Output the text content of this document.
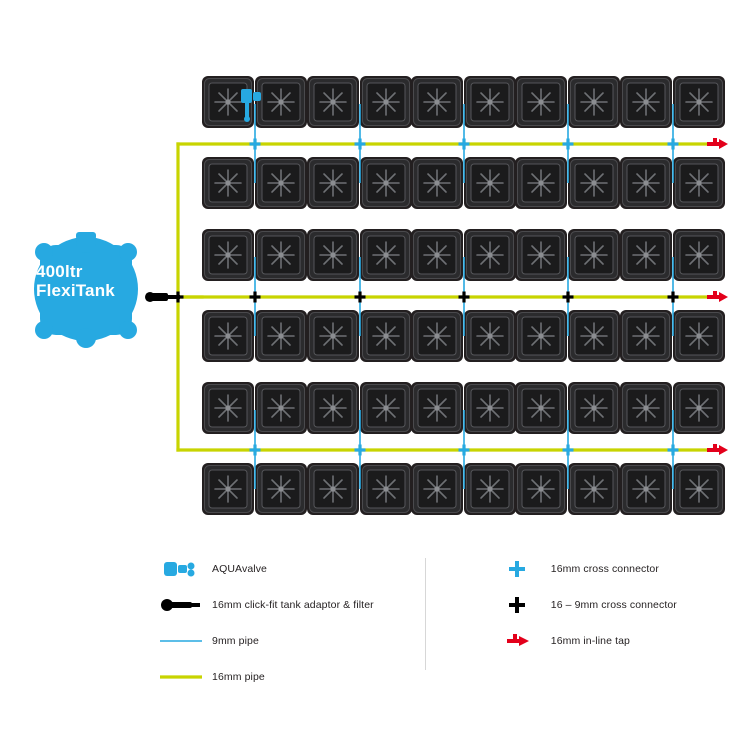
400ltr
FlexiTank
AQUAvalve
16mm click-fit tank adaptor & filter
9mm pipe
16mm pipe
16mm cross connector
16 – 9mm cross connector
16mm in-line tap
